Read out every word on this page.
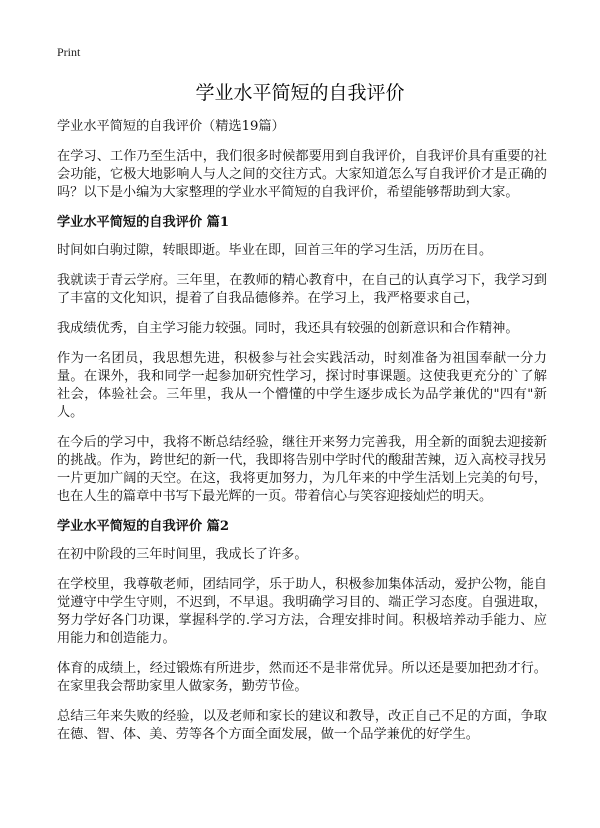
Print
学业水平简短的自我评价
学业水平简短的自我评价（精选19篇）

在学习、工作乃至生活中，我们很多时候都要用到自我评价，自我评价具有重要的社会功能，它极大地影响人与人之间的交往方式。大家知道怎么写自我评价才是正确的吗？以下是小编为大家整理的学业水平简短的自我评价，希望能够帮助到大家。

学业水平简短的自我评价 篇1

时间如白驹过隙，转眼即逝。毕业在即，回首三年的学习生活，历历在目。

我就读于青云学府。三年里，在教师的精心教育中，在自己的认真学习下，我学习到了丰富的文化知识，提着了自我品德修养。在学习上，我严格要求自己，

我成绩优秀，自主学习能力较强。同时，我还具有较强的创新意识和合作精神。

作为一名团员，我思想先进，积极参与社会实践活动，时刻准备为祖国奉献一分力量。在课外，我和同学一起参加研究性学习，探讨时事课题。这使我更充分的`了解社会，体验社会。三年里，我从一个懵懂的中学生逐步成长为品学兼优的"四有"新人。

在今后的学习中，我将不断总结经验，继往开来努力完善我，用全新的面貌去迎接新的挑战。作为，跨世纪的新一代，我即将告别中学时代的酸甜苦辣，迈入高校寻找另一片更加广阔的天空。在这，我将更加努力，为几年来的中学生活划上完美的句号，也在人生的篇章中书写下最光辉的一页。带着信心与笑容迎接灿烂的明天。

学业水平简短的自我评价 篇2

在初中阶段的三年时间里，我成长了许多。

在学校里，我尊敬老师，团结同学，乐于助人，积极参加集体活动，爱护公物，能自觉遵守中学生守则，不迟到，不早退。我明确学习目的、端正学习态度。自强进取，努力学好各门功课，掌握科学的.学习方法，合理安排时间。积极培养动手能力、应用能力和创造能力。

体育的成绩上，经过锻炼有所进步，然而还不是非常优异。所以还是要加把劲才行。在家里我会帮助家里人做家务，勤劳节俭。

总结三年来失败的经验，以及老师和家长的建议和教导，改正自己不足的方面，争取在德、智、体、美、劳等各个方面全面发展，做一个品学兼优的好学生。
